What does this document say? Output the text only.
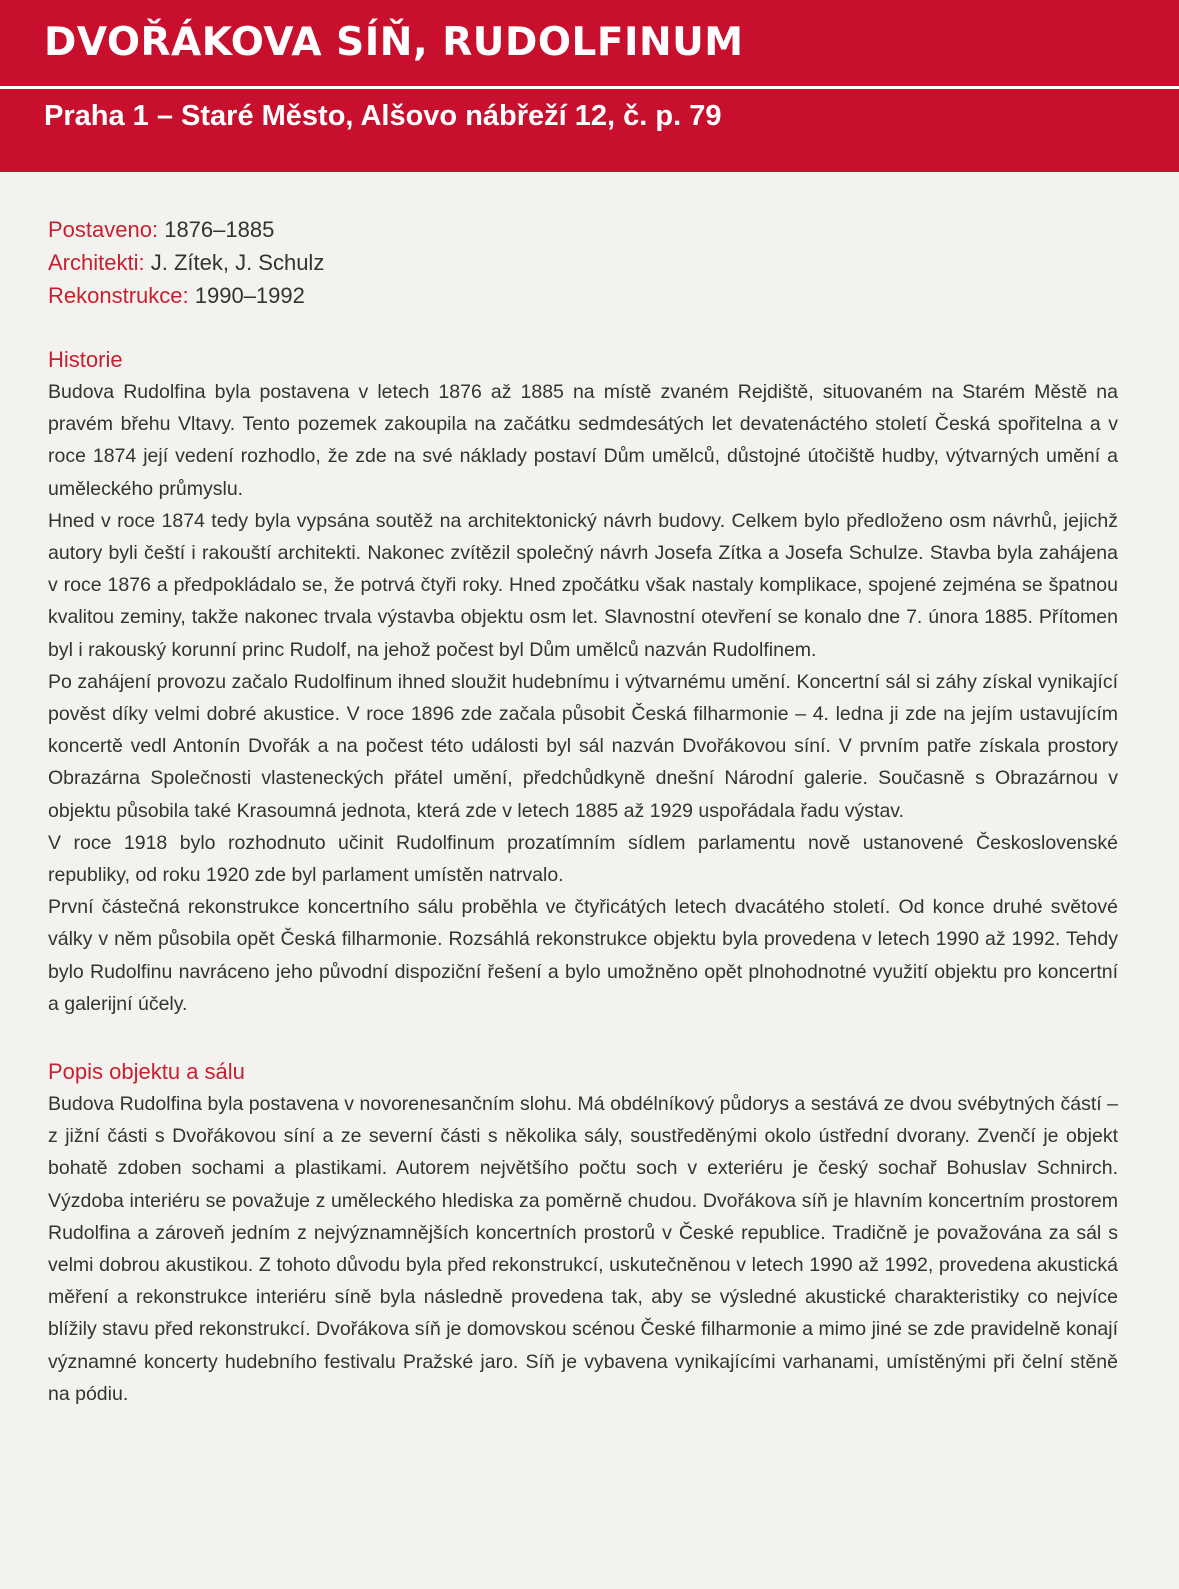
DVOŘÁKOVA SÍŇ, RUDOLFINUM
Praha 1 – Staré Město, Alšovo nábřeží 12, č. p. 79
Postaveno: 1876–1885
Architekti: J. Zítek, J. Schulz
Rekonstrukce: 1990–1992
Historie

Budova Rudolfina byla postavena v letech 1876 až 1885 na místě zvaném Rejdiště, situovaném na Starém Městě na pravém břehu Vltavy. Tento pozemek zakoupila na začátku sedmdesátých let devatenáctého století Česká spořitelna a v roce 1874 její vedení rozhodlo, že zde na své náklady postaví Dům umělců, důstojné útočiště hudby, výtvarných umění a uměleckého průmyslu.

Hned v roce 1874 tedy byla vypsána soutěž na architektonický návrh budovy. Celkem bylo předloženo osm návrhů, jejichž autory byli čeští i rakouští architekti. Nakonec zvítězil společný návrh Josefa Zítka a Josefa Schulze. Stavba byla zahájena v roce 1876 a předpokládalo se, že potrvá čtyři roky. Hned zpočátku však nastaly komplikace, spojené zejména se špatnou kvalitou zeminy, takže nakonec trvala výstavba objektu osm let. Slavnostní otevření se konalo dne 7. února 1885. Přítomen byl i rakouský korunní princ Rudolf, na jehož počest byl Dům umělců nazván Rudolfinem.

Po zahájení provozu začalo Rudolfinum ihned sloužit hudebnímu i výtvarnému umění. Koncertní sál si záhy získal vynikající pověst díky velmi dobré akustice. V roce 1896 zde začala působit Česká filharmonie – 4. ledna ji zde na jejím ustavujícím koncertě vedl Antonín Dvořák a na počest této události byl sál nazván Dvořákovou síní. V prvním patře získala prostory Obrazárna Společnosti vlasteneckých přátel umění, předchůdkyně dnešní Národní galerie. Současně s Obrazárnou v objektu působila také Krasoumná jednota, která zde v letech 1885 až 1929 uspořádala řadu výstav.

V roce 1918 bylo rozhodnuto učinit Rudolfinum prozatímním sídlem parlamentu nově ustanovené Československé republiky, od roku 1920 zde byl parlament umístěn natrvalo.

První částečná rekonstrukce koncertního sálu proběhla ve čtyřicátých letech dvacátého století. Od konce druhé světové války v něm působila opět Česká filharmonie. Rozsáhlá rekonstrukce objektu byla provedena v letech 1990 až 1992. Tehdy bylo Rudolfinu navráceno jeho původní dispoziční řešení a bylo umožněno opět plnohodnotné využití objektu pro koncertní a galerijní účely.

Popis objektu a sálu

Budova Rudolfina byla postavena v novorenesančním slohu. Má obdélníkový půdorys a sestává ze dvou svébytných částí – z jižní části s Dvořákovou síní a ze severní části s několika sály, soustředěnými okolo ústřední dvorany. Zvenčí je objekt bohatě zdoben sochami a plastikami. Autorem největšího počtu soch v exteriéru je český sochař Bohuslav Schnirch. Výzdoba interiéru se považuje z uměleckého hlediska za poměrně chudou. Dvořákova síň je hlavním koncertním prostorem Rudolfina a zároveň jedním z nejvýznamnějších koncertních prostorů v České republice. Tradičně je považována za sál s velmi dobrou akustikou. Z tohoto důvodu byla před rekonstrukcí, uskutečněnou v letech 1990 až 1992, provedena akustická měření a rekonstrukce interiéru síně byla následně provedena tak, aby se výsledné akustické charakteristiky co nejvíce blížily stavu před rekonstrukcí. Dvořákova síň je domovskou scénou České filharmonie a mimo jiné se zde pravidelně konají významné koncerty hudebního festivalu Pražské jaro. Síň je vybavena vynikajícími varhanami, umístěnými při čelní stěně na pódiu.
